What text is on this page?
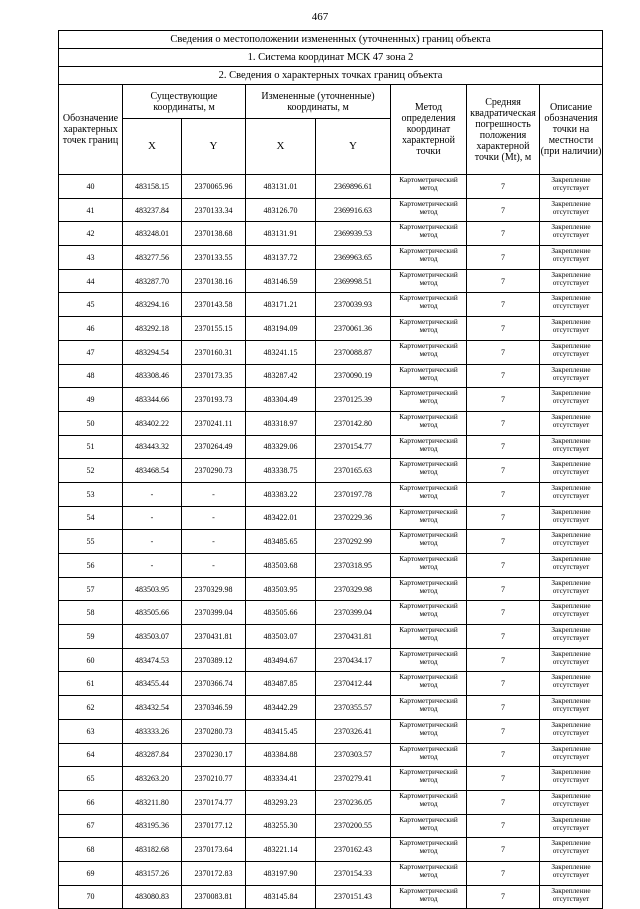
467
Сведения о местоположении измененных (уточненных) границ объекта							
1. Система координат МСК 47 зона 2							
2. Сведения о характерных точках границ объекта							
Обозначение характерных точек границ	Существующие координаты, м		Измененные (уточненные) координаты, м		Метод определения координат характерной точки	Средняя квадратическая погрешность положения характерной точки (Mt), м	Описание обозначения точки на местности (при наличии)
	X	Y	X	Y			
40	483158.15	2370065.96	483131.01	2369896.61	Картометрический метод	7	Закрепление отсутствует
41	483237.84	2370133.34	483126.70	2369916.63	Картометрический метод	7	Закрепление отсутствует
42	483248.01	2370138.68	483131.91	2369939.53	Картометрический метод	7	Закрепление отсутствует
43	483277.56	2370133.55	483137.72	2369963.65	Картометрический метод	7	Закрепление отсутствует
44	483287.70	2370138.16	483146.59	2369998.51	Картометрический метод	7	Закрепление отсутствует
45	483294.16	2370143.58	483171.21	2370039.93	Картометрический метод	7	Закрепление отсутствует
46	483292.18	2370155.15	483194.09	2370061.36	Картометрический метод	7	Закрепление отсутствует
47	483294.54	2370160.31	483241.15	2370088.87	Картометрический метод	7	Закрепление отсутствует
48	483308.46	2370173.35	483287.42	2370090.19	Картометрический метод	7	Закрепление отсутствует
49	483344.66	2370193.73	483304.49	2370125.39	Картометрический метод	7	Закрепление отсутствует
50	483402.22	2370241.11	483318.97	2370142.80	Картометрический метод	7	Закрепление отсутствует
51	483443.32	2370264.49	483329.06	2370154.77	Картометрический метод	7	Закрепление отсутствует
52	483468.54	2370290.73	483338.75	2370165.63	Картометрический метод	7	Закрепление отсутствует
53	-	-	483383.22	2370197.78	Картометрический метод	7	Закрепление отсутствует
54	-	-	483422.01	2370229.36	Картометрический метод	7	Закрепление отсутствует
55	-	-	483485.65	2370292.99	Картометрический метод	7	Закрепление отсутствует
56	-	-	483503.68	2370318.95	Картометрический метод	7	Закрепление отсутствует
57	483503.95	2370329.98	483503.95	2370329.98	Картометрический метод	7	Закрепление отсутствует
58	483505.66	2370399.04	483505.66	2370399.04	Картометрический метод	7	Закрепление отсутствует
59	483503.07	2370431.81	483503.07	2370431.81	Картометрический метод	7	Закрепление отсутствует
60	483474.53	2370389.12	483494.67	2370434.17	Картометрический метод	7	Закрепление отсутствует
61	483455.44	2370366.74	483487.85	2370412.44	Картометрический метод	7	Закрепление отсутствует
62	483432.54	2370346.59	483442.29	2370355.57	Картометрический метод	7	Закрепление отсутствует
63	483333.26	2370280.73	483415.45	2370326.41	Картометрический метод	7	Закрепление отсутствует
64	483287.84	2370230.17	483384.88	2370303.57	Картометрический метод	7	Закрепление отсутствует
65	483263.20	2370210.77	483334.41	2370279.41	Картометрический метод	7	Закрепление отсутствует
66	483211.80	2370174.77	483293.23	2370236.05	Картометрический метод	7	Закрепление отсутствует
67	483195.36	2370177.12	483255.30	2370200.55	Картометрический метод	7	Закрепление отсутствует
68	483182.68	2370173.64	483221.14	2370162.43	Картометрический метод	7	Закрепление отсутствует
69	483157.26	2370172.83	483197.90	2370154.33	Картометрический метод	7	Закрепление отсутствует
70	483080.83	2370083.81	483145.84	2370151.43	Картометрический метод	7	Закрепление отсутствует
